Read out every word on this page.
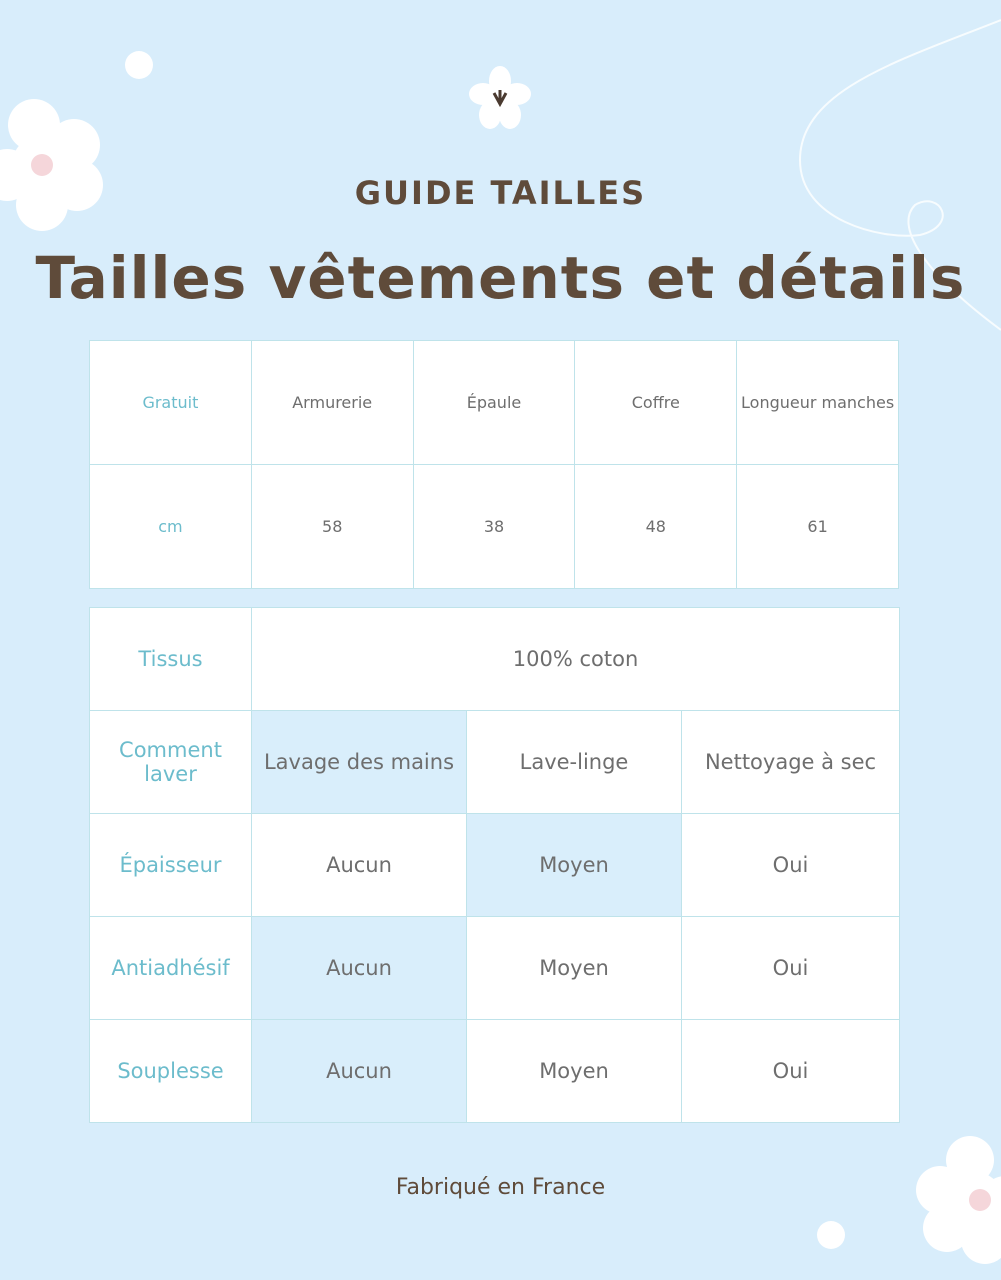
GUIDE TAILLES
Tailles vêtements et détails
Gratuit	Armurerie	Épaule	Coffre	Longueur manches
cm	58	38	48	61
Tissus	100% coton		
Comment laver	Lavage des mains	Lave-linge	Nettoyage à sec
Épaisseur	Aucun	Moyen	Oui
Antiadhésif	Aucun	Moyen	Oui
Souplesse	Aucun	Moyen	Oui
Fabriqué en France
